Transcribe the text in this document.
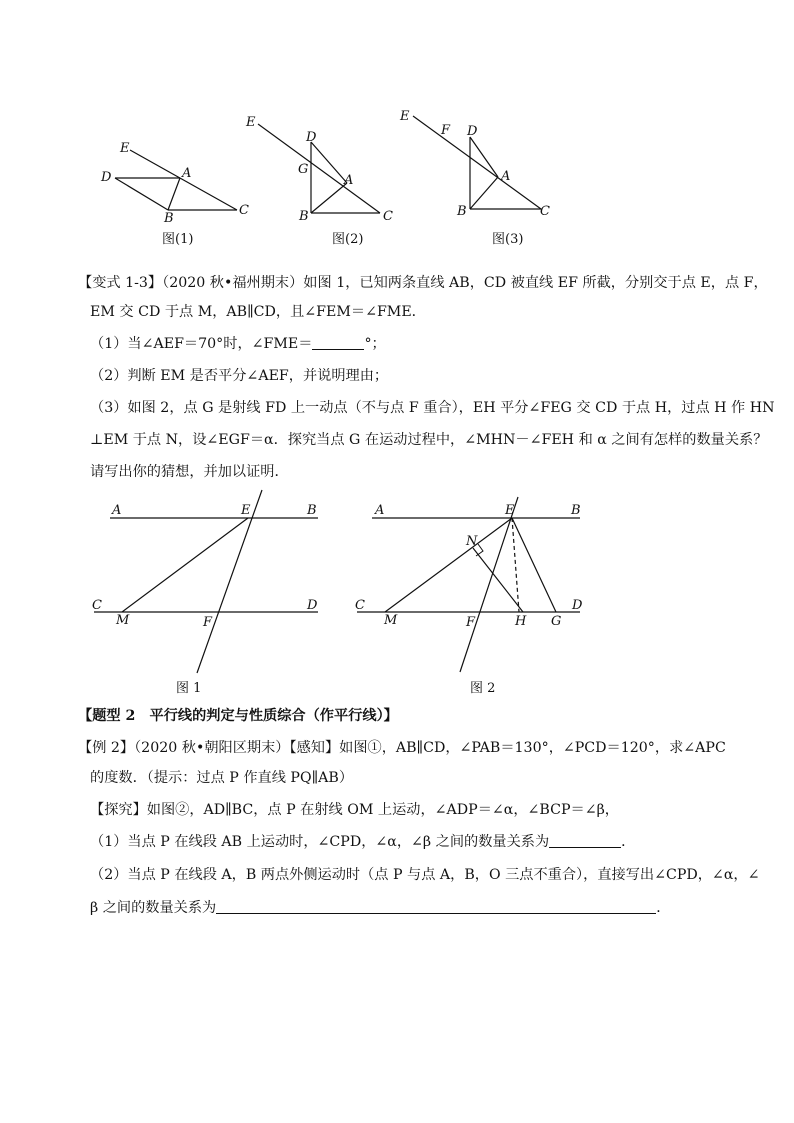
E
A
D
B
C
E
D
G
A
B	C
E
F D
A
B	C
图(1)	图(2)	图(3)
【变式 1-3】（2020 秋•福州期末）如图 1，已知两条直线 AB，CD 被直线 EF 所截，分别交于点 E，点 F，
EM 交 CD 于点 M，AB∥CD，且∠FEM＝∠FME．
（1）当∠AEF＝70°时，∠FME＝	°；
（2）判断 EM 是否平分∠AEF，并说明理由；
（3）如图 2，点 G 是射线 FD 上一动点（不与点 F 重合），EH 平分∠FEG 交 CD 于点 H，过点 H 作 HN
⊥EM 于点 N，设∠EGF＝α．探究当点 G 在运动过程中，∠MHN－∠FEH 和 α 之间有怎样的数量关系？
请写出你的猜想，并加以证明．
A	E	B
C	D
M	F
A	E	B
N
C	D
M	F	H G
图 1	图 2
【题型 2　平行线的判定与性质综合（作平行线）】
【例 2】（2020 秋•朝阳区期末）【感知】如图①，AB∥CD，∠PAB＝130°，∠PCD＝120°，求∠APC
的度数．（提示：过点 P 作直线 PQ∥AB）
【探究】如图②，AD∥BC，点 P 在射线 OM 上运动，∠ADP＝∠α，∠BCP＝∠β，
（1）当点 P 在线段 AB 上运动时，∠CPD，∠α，∠β 之间的数量关系为	．
（2）当点 P 在线段 A，B 两点外侧运动时（点 P 与点 A，B，O 三点不重合），直接写出∠CPD，∠α，∠
β 之间的数量关系为	．
